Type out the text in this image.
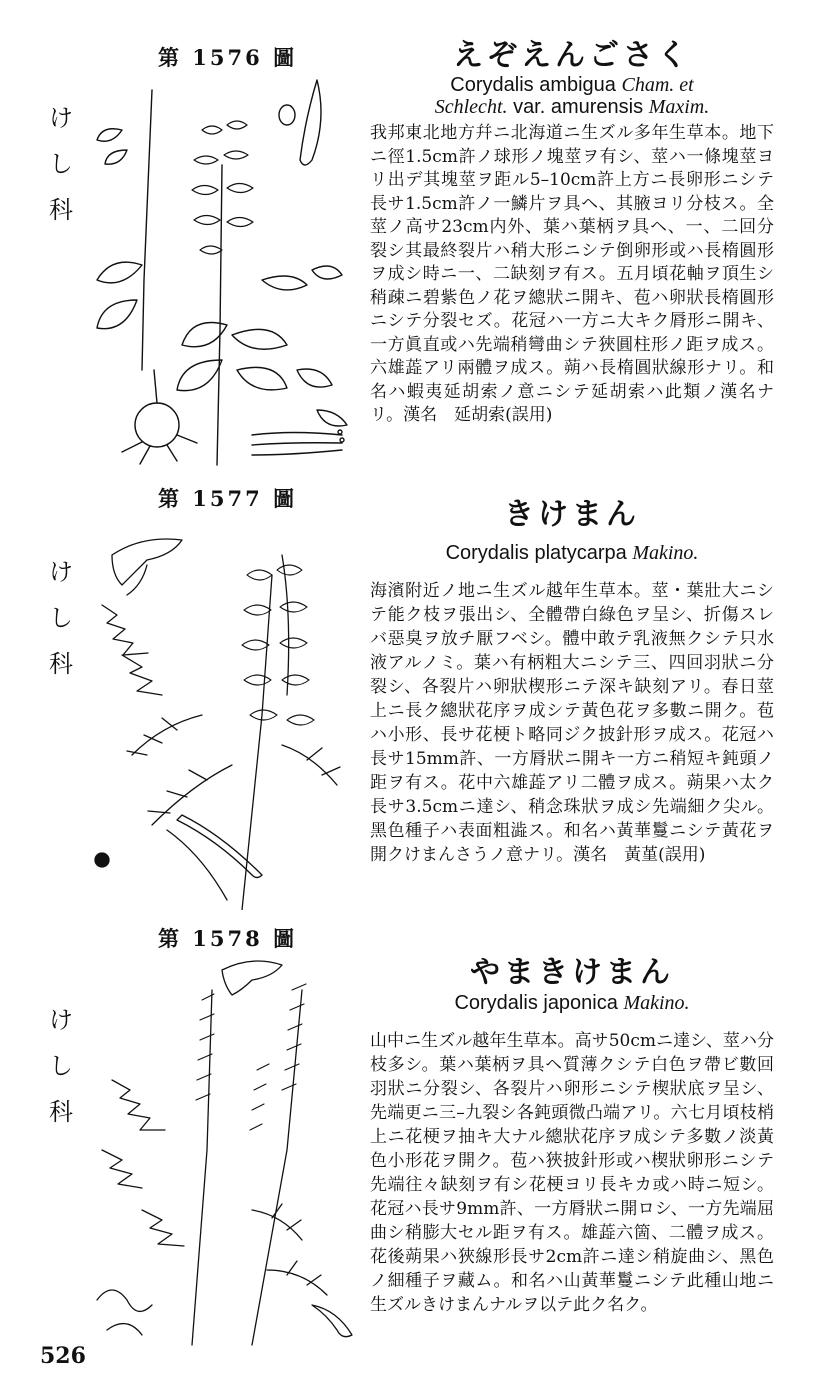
第 1576 圖
け
し
科
えぞえんごさく
Corydalis ambigua Cham. et
Schlecht. var. amurensis Maxim.
我邦東北地方幷ニ北海道ニ生ズル多年生草本。地下ニ徑1.5cm許ノ球形ノ塊莖ヲ有シ、莖ハ一條塊莖ヨリ出デ其塊莖ヲ距ル5–10cm許上方ニ長卵形ニシテ長サ1.5cm許ノ一鱗片ヲ具ヘ、其腋ヨリ分枝ス。全莖ノ高サ23cm内外、葉ハ葉柄ヲ具ヘ、一、二回分裂シ其最終裂片ハ稍大形ニシテ倒卵形或ハ長楕圓形ヲ成シ時ニ一、二缺刻ヲ有ス。五月頃花軸ヲ頂生シ稍疎ニ碧紫色ノ花ヲ總狀ニ開キ、苞ハ卵狀長楕圓形ニシテ分裂セズ。花冠ハ一方ニ大キク脣形ニ開キ、一方眞直或ハ先端稍彎曲シテ狹圓柱形ノ距ヲ成ス。六雄蕋アリ兩體ヲ成ス。蒴ハ長楕圓狀線形ナリ。和名ハ蝦夷延胡索ノ意ニシテ延胡索ハ此類ノ漢名ナリ。漢名　延胡索(誤用)
第 1577 圖
け
し
科
きけまん
Corydalis platycarpa Makino.
海濱附近ノ地ニ生ズル越年生草本。莖・葉壯大ニシテ能ク枝ヲ張出シ、全體帶白綠色ヲ呈シ、折傷スレバ惡臭ヲ放チ厭フベシ。體中敢テ乳液無クシテ只水液アルノミ。葉ハ有柄粗大ニシテ三、四回羽狀ニ分裂シ、各裂片ハ卵狀楔形ニテ深キ缺刻アリ。春日莖上ニ長ク總狀花序ヲ成シテ黃色花ヲ多數ニ開ク。苞ハ小形、長サ花梗ト略同ジク披針形ヲ成ス。花冠ハ長サ15mm許、一方脣狀ニ開キ一方ニ稍短キ鈍頭ノ距ヲ有ス。花中六雄蕋アリ二體ヲ成ス。蒴果ハ太ク長サ3.5cmニ達シ、稍念珠狀ヲ成シ先端細ク尖ル。黑色種子ハ表面粗澁ス。和名ハ黃華鬘ニシテ黃花ヲ開クけまんさうノ意ナリ。漢名　黃堇(誤用)
第 1578 圖
け
し
科
やまきけまん
Corydalis japonica Makino.
山中ニ生ズル越年生草本。高サ50cmニ達シ、莖ハ分枝多シ。葉ハ葉柄ヲ具ヘ質薄クシテ白色ヲ帶ビ數回羽狀ニ分裂シ、各裂片ハ卵形ニシテ楔狀底ヲ呈シ、先端更ニ三–九裂シ各鈍頭微凸端アリ。六七月頃枝梢上ニ花梗ヲ抽キ大ナル總狀花序ヲ成シテ多數ノ淡黃色小形花ヲ開ク。苞ハ狹披針形或ハ楔狀卵形ニシテ先端往々缺刻ヲ有シ花梗ヨリ長キカ或ハ時ニ短シ。花冠ハ長サ9mm許、一方脣狀ニ開ロシ、一方先端屈曲シ稍膨大セル距ヲ有ス。雄蕋六箇、二體ヲ成ス。花後蒴果ハ狹線形長サ2cm許ニ達シ稍旋曲シ、黑色ノ細種子ヲ藏ム。和名ハ山黃華鬘ニシテ此種山地ニ生ズルきけまんナルヲ以テ此ク名ク。
526
